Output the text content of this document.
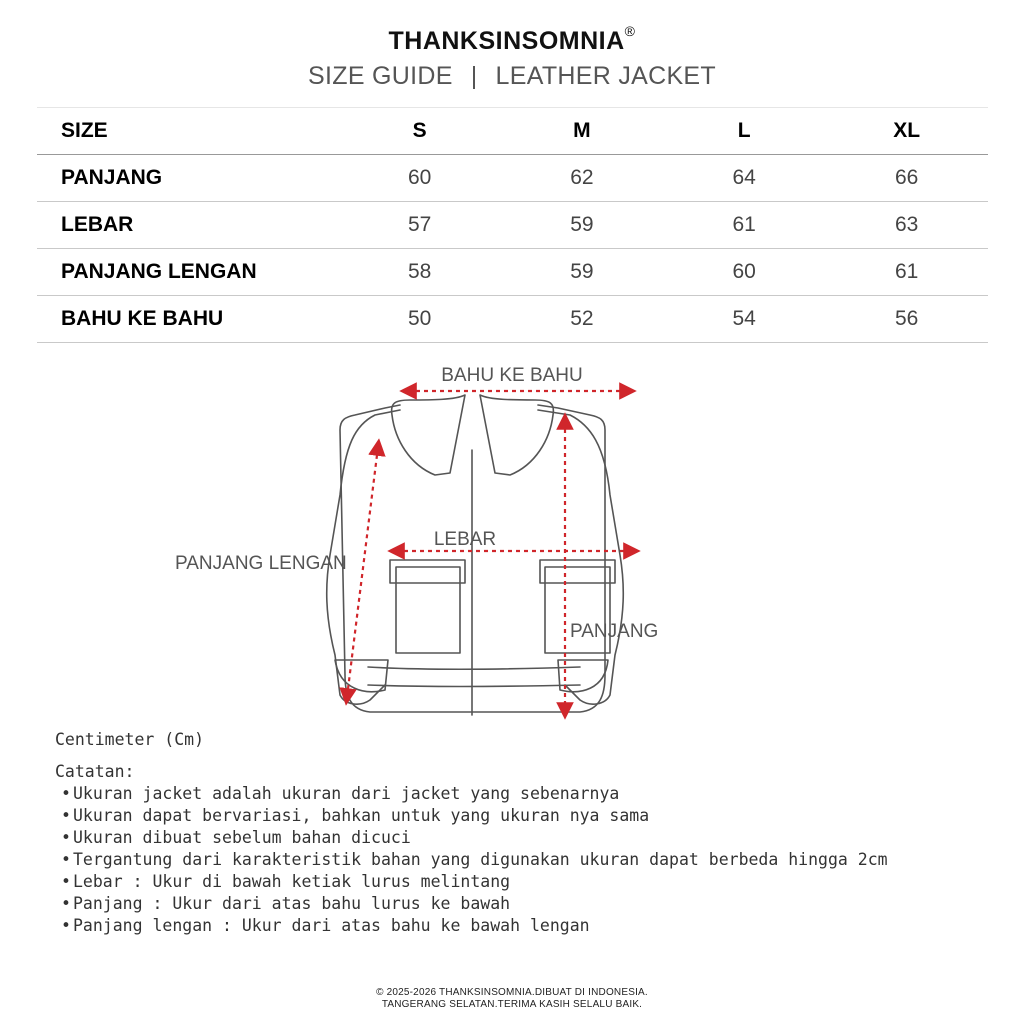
THANKSINSOMNIA®
SIZE GUIDE | LEATHER JACKET
SIZE	S	M	L	XL
PANJANG	60	62	64	66
LEBAR	57	59	61	63
PANJANG LENGAN	58	59	60	61
BAHU KE BAHU	50	52	54	56
BAHU KE BAHU
LEBAR
PANJANG LENGAN
PANJANG
Centimeter (Cm)
Catatan:
• Ukuran jacket adalah ukuran dari jacket yang sebenarnya
• Ukuran dapat bervariasi, bahkan untuk yang ukuran nya sama
• Ukuran dibuat sebelum bahan dicuci
• Tergantung dari karakteristik bahan yang digunakan ukuran dapat berbeda hingga 2cm
• Lebar : Ukur di bawah ketiak lurus melintang
• Panjang : Ukur dari atas bahu lurus ke bawah
• Panjang lengan : Ukur dari atas bahu ke bawah lengan
© 2025-2026 THANKSINSOMNIA.DIBUAT DI INDONESIA.
TANGERANG SELATAN.TERIMA KASIH SELALU BAIK.
